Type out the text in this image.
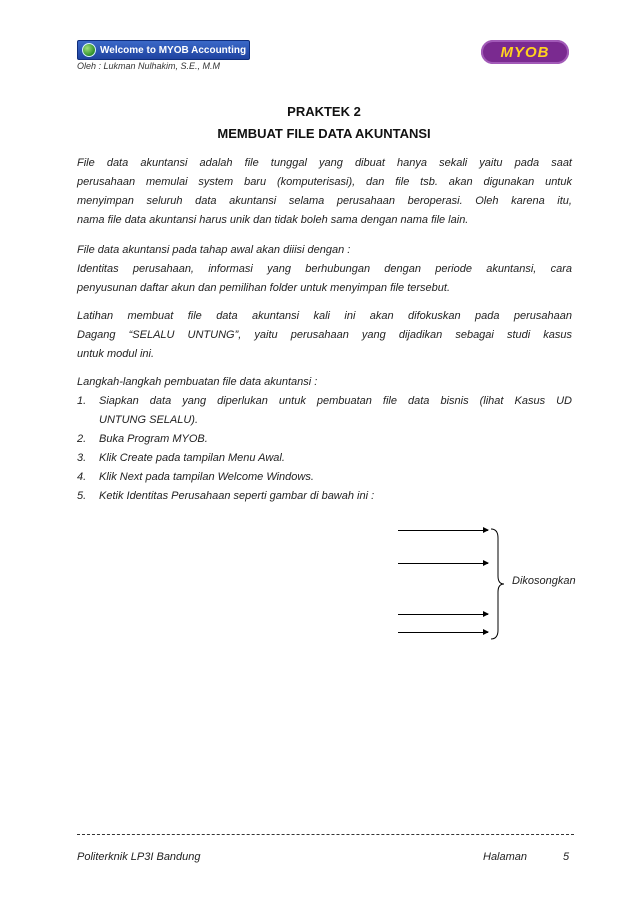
Welcome to MYOB Accounting
Oleh : Lukman Nulhakim, S.E., M.M
MYOB
PRAKTEK 2
MEMBUAT FILE DATA AKUNTANSI
File data akuntansi adalah file tunggal yang dibuat hanya sekali yaitu pada saat
perusahaan memulai system baru (komputerisasi), dan file tsb. akan digunakan untuk
menyimpan seluruh data akuntansi selama perusahaan beroperasi. Oleh karena itu,
nama file data akuntansi harus unik dan tidak boleh sama dengan nama file lain.
File data akuntansi pada tahap awal akan diiisi dengan :
Identitas perusahaan, informasi yang berhubungan dengan periode akuntansi, cara
penyusunan daftar akun dan pemilihan folder untuk menyimpan file tersebut.
Latihan membuat file data akuntansi kali ini akan difokuskan pada perusahaan
Dagang “SELALU UNTUNG”, yaitu perusahaan yang dijadikan sebagai studi kasus
untuk modul ini.
Langkah-langkah pembuatan file data akuntansi :
1.	Siapkan data yang diperlukan untuk pembuatan file data bisnis (lihat Kasus UD
UNTUNG SELALU).
2.	Buka Program MYOB.
3.	Klik Create pada tampilan Menu Awal.
4.	Klik Next pada tampilan Welcome Windows.
5.	Ketik Identitas Perusahaan seperti gambar di bawah ini :
Dikosongkan
Politerknik LP3I Bandung	Halaman	5
